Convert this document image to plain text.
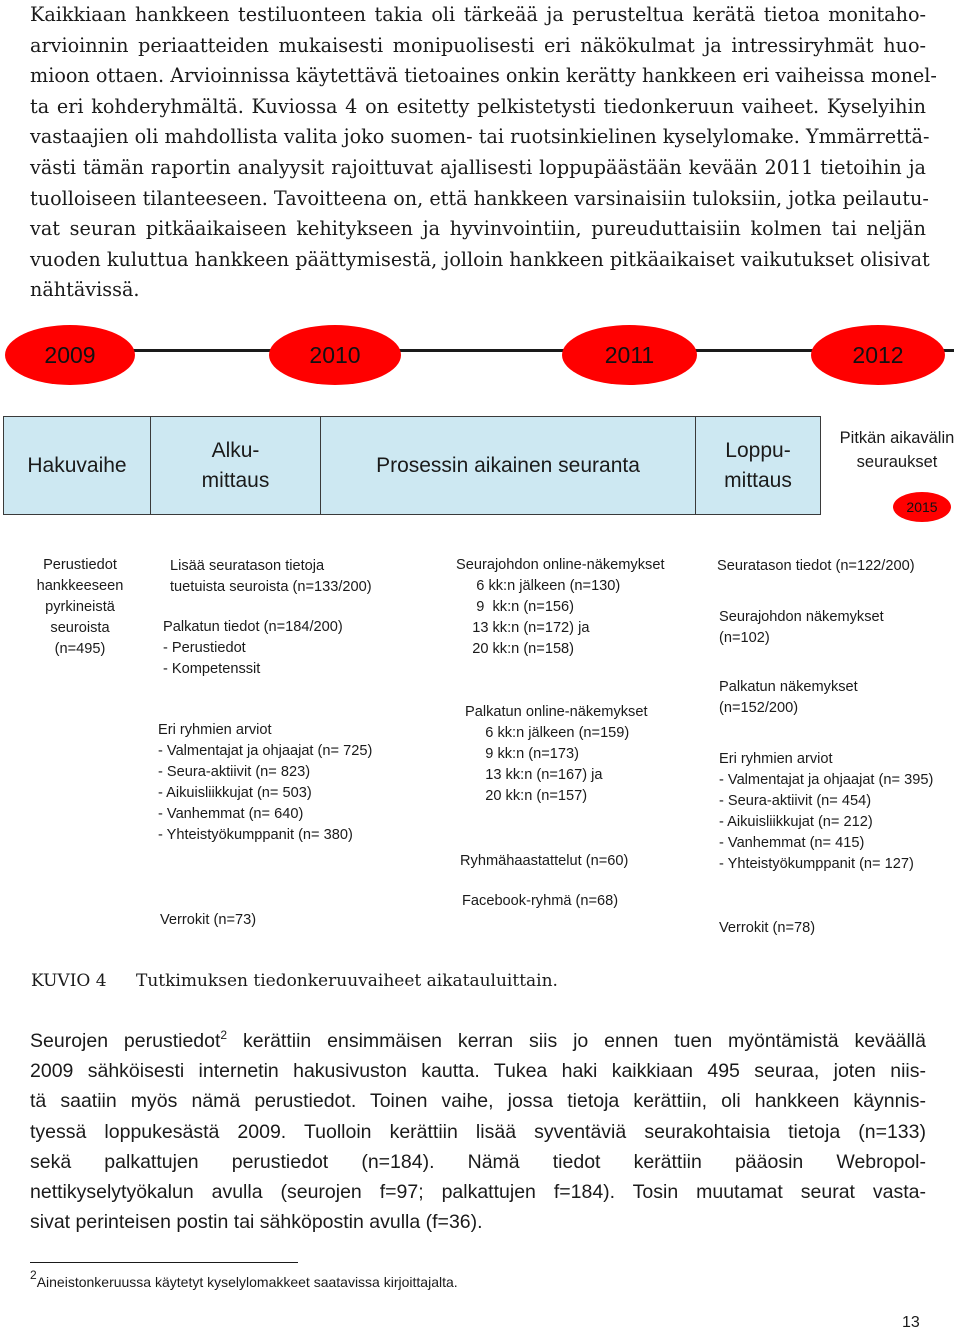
Kaikkiaan hankkeen testiluonteen takia oli tärkeää ja perusteltua kerätä tietoa monitaho-
arvioinnin periaatteiden mukaisesti monipuolisesti eri näkökulmat ja intressiryhmät huo-
mioon ottaen. Arvioinnissa käytettävä tietoaines onkin kerätty hankkeen eri vaiheissa monel-
ta eri kohderyhmältä. Kuviossa 4 on esitetty pelkistetysti tiedonkeruun vaiheet. Kyselyihin
vastaajien oli mahdollista valita joko suomen- tai ruotsinkielinen kyselylomake. Ymmärrettä-
västi tämän raportin analyysit rajoittuvat ajallisesti loppupäästään kevään 2011 tietoihin ja
tuolloiseen tilanteeseen. Tavoitteena on, että hankkeen varsinaisiin tuloksiin, jotka peilautu-
vat seuran pitkäaikaiseen kehitykseen ja hyvinvointiin, pureuduttaisiin kolmen tai neljän
vuoden kuluttua hankkeen päättymisestä, jolloin hankkeen pitkäaikaiset vaikutukset olisivat
nähtävissä.
2009	2010	2011	2012
Hakuvaihe
Alku-
mittaus
Prosessin aikainen seuranta
Loppu-
mittaus
Pitkän aikavälin
seuraukset
2015
Perustiedot
hankkeeseen
pyrkineistä
seuroista
(n=495)
Lisää seuratason tietoja
tuetuista seuroista (n=133/200)
Palkatun tiedot (n=184/200)
- Perustiedot
- Kompetenssit
Eri ryhmien arviot
- Valmentajat ja ohjaajat (n= 725)
- Seura-aktiivit (n= 823)
- Aikuisliikkujat (n= 503)
- Vanhemmat (n= 640)
- Yhteistyökumppanit (n= 380)
Verrokit (n=73)
Seurajohdon online-näkemykset
6 kk:n jälkeen (n=130)
9  kk:n (n=156)
13 kk:n (n=172) ja
20 kk:n (n=158)
Palkatun online-näkemykset
6 kk:n jälkeen (n=159)
9 kk:n (n=173)
13 kk:n (n=167) ja
20 kk:n (n=157)
Ryhmähaastattelut (n=60)
Facebook-ryhmä (n=68)
Seuratason tiedot (n=122/200)
Seurajohdon näkemykset
(n=102)
Palkatun näkemykset
(n=152/200)
Eri ryhmien arviot
- Valmentajat ja ohjaajat (n= 395)
- Seura-aktiivit (n= 454)
- Aikuisliikkujat (n= 212)
- Vanhemmat (n= 415)
- Yhteistyökumppanit (n= 127)
Verrokit (n=78)
KUVIO 4 Tutkimuksen tiedonkeruuvaiheet aikatauluittain.
Seurojen perustiedot$^2$ kerättiin ensimmäisen kerran siis jo ennen tuen myöntämistä keväällä
2009 sähköisesti internetin hakusivuston kautta. Tukea haki kaikkiaan 495 seuraa, joten niis-
tä saatiin myös nämä perustiedot. Toinen vaihe, jossa tietoja kerättiin, oli hankkeen käynnis-
tyessä loppukesästä 2009. Tuolloin kerättiin lisää syventäviä seurakohtaisia tietoja (n=133)
sekä palkattujen perustiedot (n=184). Nämä tiedot kerättiin pääosin Webropol-
nettikyselytyökalun avulla (seurojen f=97; palkattujen f=184). Tosin muutamat seurat vasta-
sivat perinteisen postin tai sähköpostin avulla (f=36).
$^2$Aineistonkeruussa käytetyt kyselylomakkeet saatavissa kirjoittajalta.
13
